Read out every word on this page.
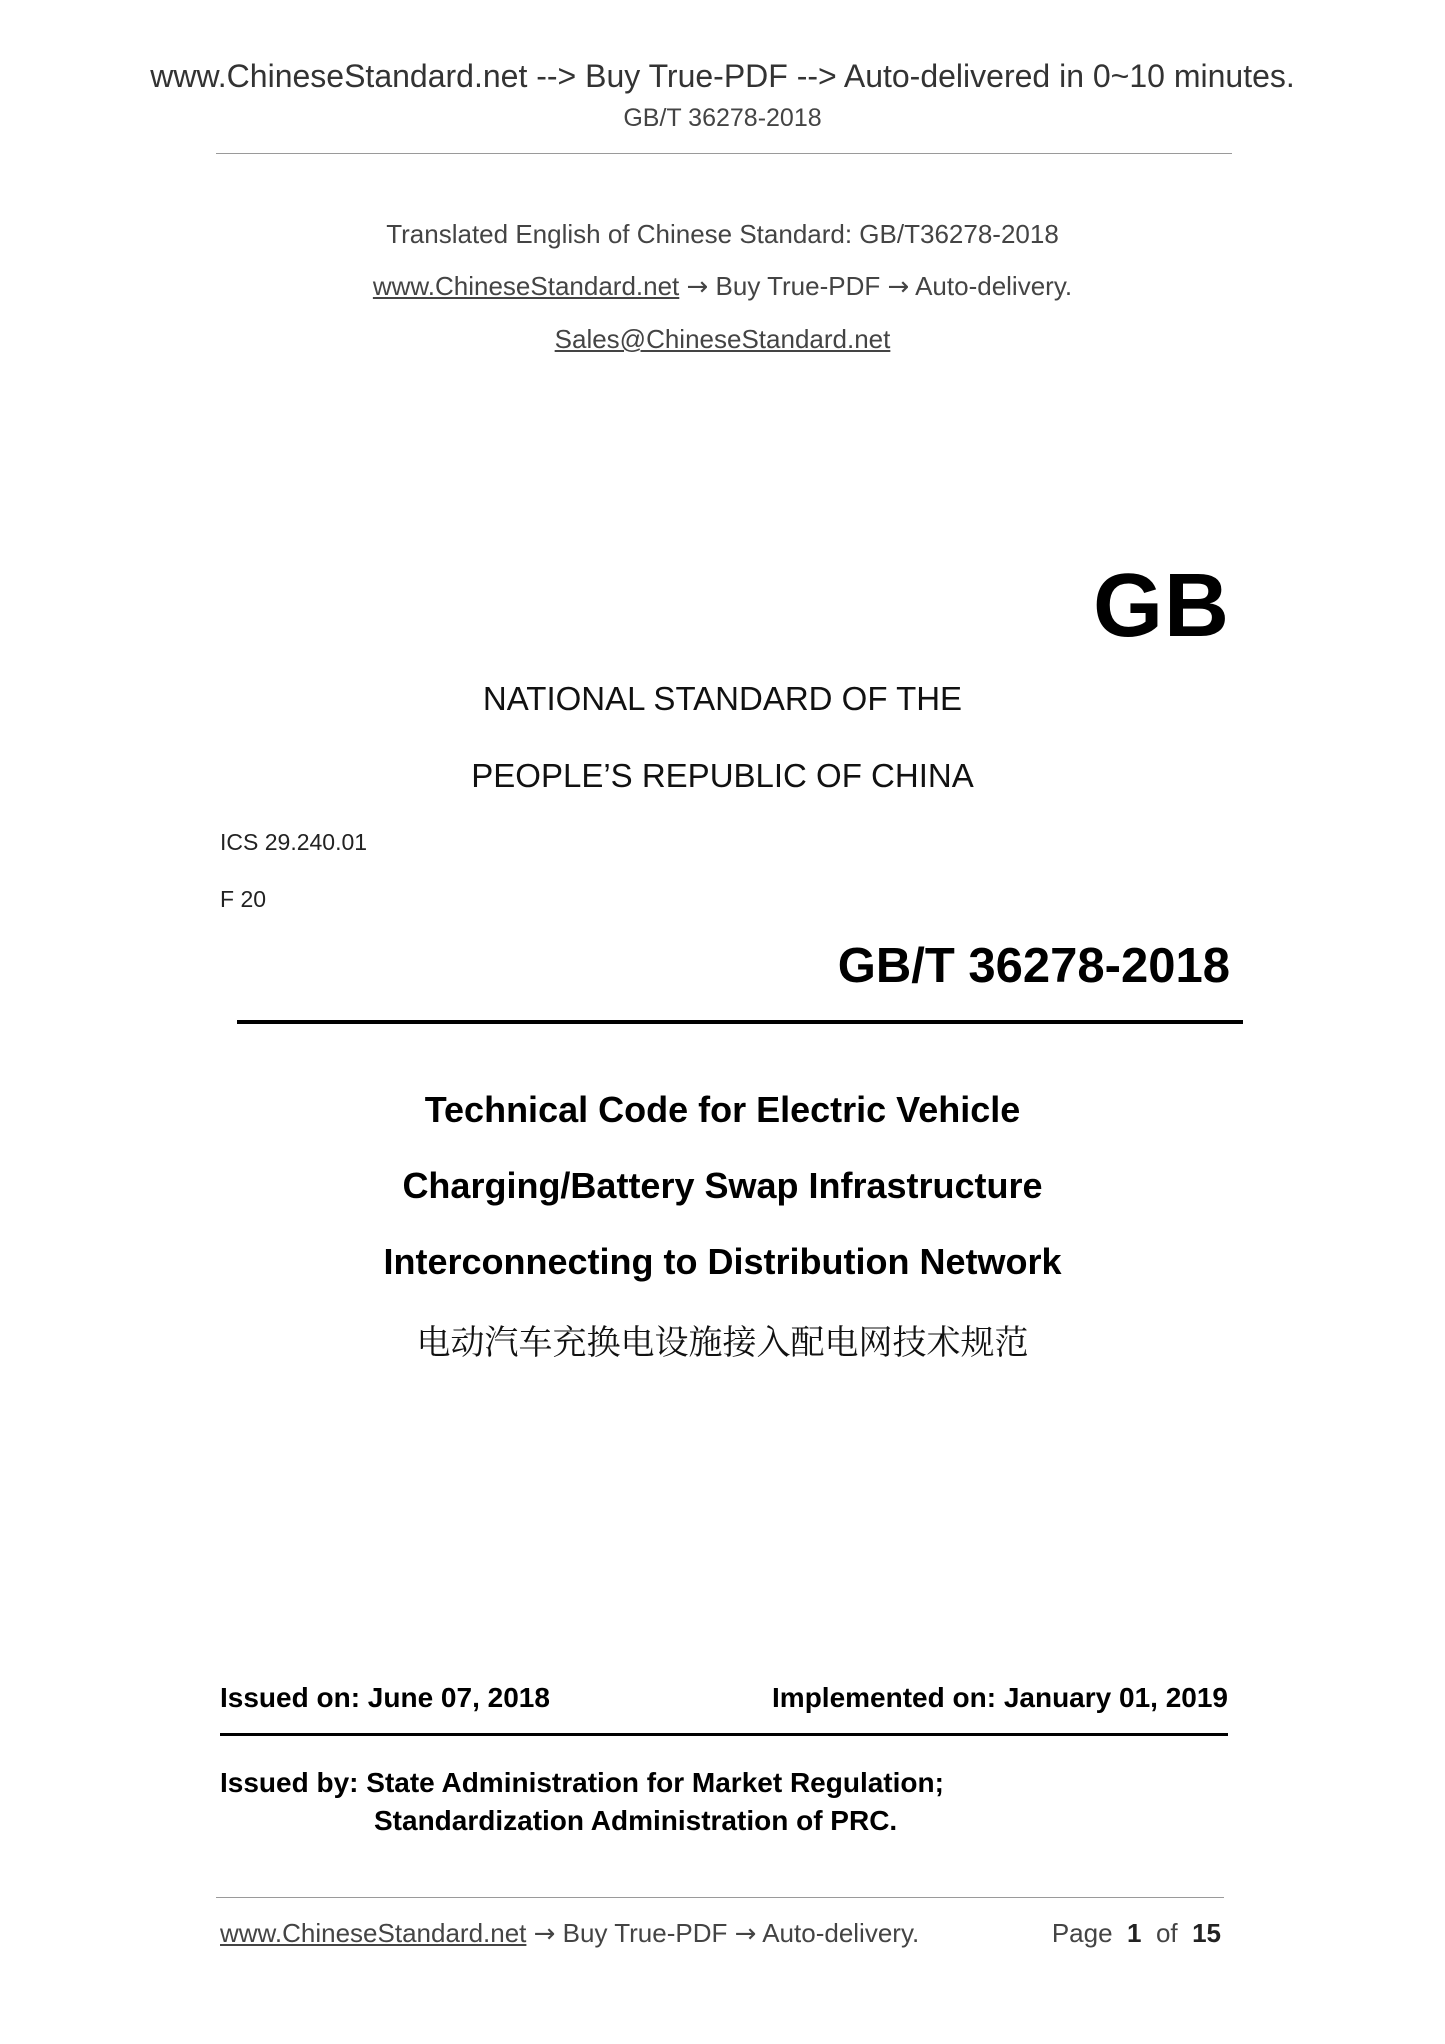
www.ChineseStandard.net --> Buy True-PDF --> Auto-delivered in 0~10 minutes.
GB/T 36278-2018
Translated English of Chinese Standard: GB/T36278-2018
www.ChineseStandard.net → Buy True-PDF → Auto-delivery.
Sales@ChineseStandard.net
GB
NATIONAL STANDARD OF THE
PEOPLE’S REPUBLIC OF CHINA
ICS 29.240.01
F 20
GB/T 36278-2018
Technical Code for Electric Vehicle
Charging/Battery Swap Infrastructure
Interconnecting to Distribution Network
电动汽车充换电设施接入配电网技术规范
Issued on: June 07, 2018	Implemented on: January 01, 2019
Issued by: State Administration for Market Regulation;
Standardization Administration of PRC.
www.ChineseStandard.net → Buy True-PDF → Auto-delivery.	Page 1 of 15
